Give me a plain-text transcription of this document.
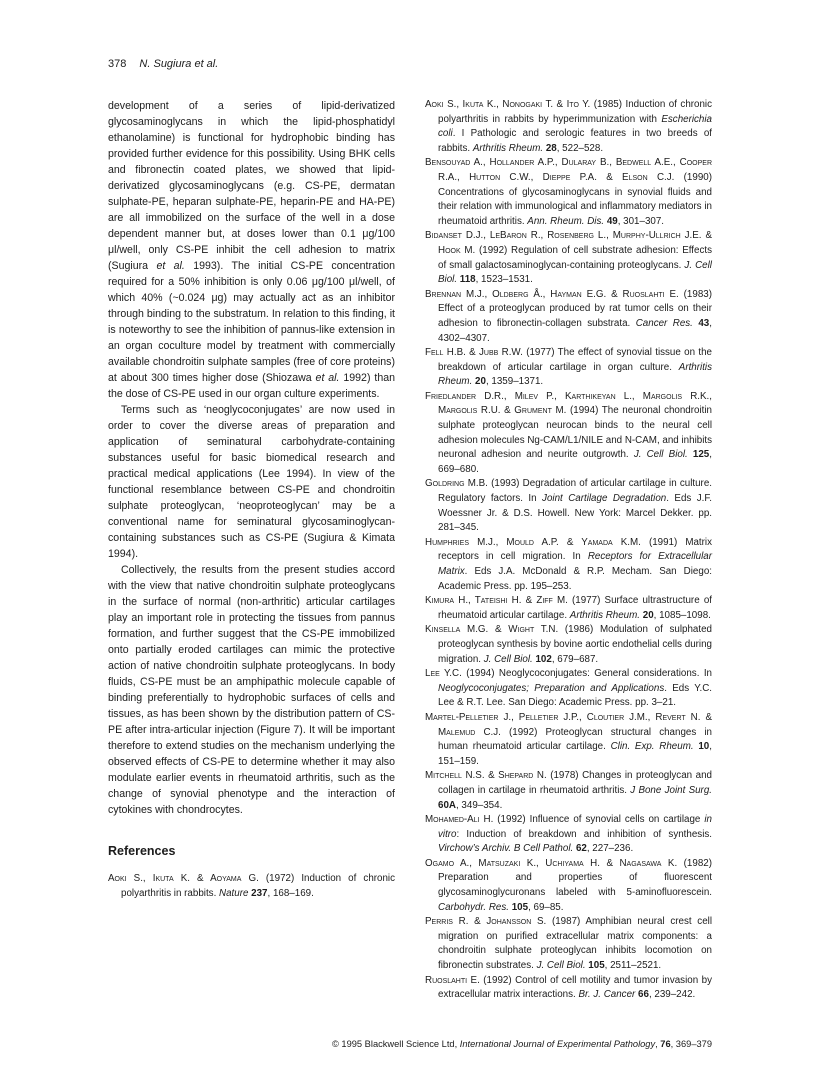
378 N. Sugiura et al.

development of a series of lipid-derivatized glycosaminoglycans in which the lipid-phosphatidyl ethanolamine) is functional for hydrophobic binding has provided further evidence for this possibility. Using BHK cells and fibronectin coated plates, we showed that lipid-derivatized glycosaminoglycans (e.g. CS-PE, dermatan sulphate-PE, heparan sulphate-PE, heparin-PE and HA-PE) are all immobilized on the surface of the well in a dose dependent manner but, at doses lower than 0.1 μg/100 μl/well, only CS-PE inhibit the cell adhesion to matrix (Sugiura et al. 1993). The initial CS-PE concentration required for a 50% inhibition is only 0.06 μg/100 μl/well, of which 40% (~0.024 μg) may actually act as an inhibitor through binding to the substratum. In relation to this finding, it is noteworthy to see the inhibition of pannus-like extension in an organ coculture model by treatment with commercially available chondroitin sulphate samples (free of core proteins) at about 300 times higher dose (Shiozawa et al. 1992) than the dose of CS-PE used in our organ culture experiments.

Terms such as ‘neoglycoconjugates’ are now used in order to cover the diverse areas of preparation and application of seminatural carbohydrate-containing substances useful for basic biomedical research and practical medical applications (Lee 1994). In view of the functional resemblance between CS-PE and chondroitin sulphate proteoglycan, ‘neoproteoglycan’ may be a conventional name for seminatural glycosaminoglycan-containing substances such as CS-PE (Sugiura & Kimata 1994).

Collectively, the results from the present studies accord with the view that native chondroitin sulphate proteoglycans in the surface of normal (non-arthritic) articular cartilages play an important role in protecting the tissues from pannus formation, and further suggest that the CS-PE immobilized onto partially eroded cartilages can mimic the protective action of native chondroitin sulphate proteoglycans. In body fluids, CS-PE must be an amphipathic molecule capable of binding preferentially to hydrophobic surfaces of cells and tissues, as has been shown by the distribution pattern of CS-PE after intra-articular injection (Figure 7). It will be important therefore to extend studies on the mechanism underlying the observed effects of CS-PE to determine whether it may also modulate earlier events in rheumatoid arthritis, such as the change of synovial phenotype and the interaction of cytokines with chondrocytes.

References

Aoki S., Ikuta K. & Aoyama G. (1972) Induction of chronic polyarthritis in rabbits. Nature 237, 168–169.

Aoki S., Ikuta K., Nonogaki T. & Ito Y. (1985) Induction of chronic polyarthritis in rabbits by hyperimmunization with Escherichia coli. I Pathologic and serologic features in two breeds of rabbits. Arthritis Rheum. 28, 522–528.

Bensouyad A., Hollander A.P., Dularay B., Bedwell A.E., Cooper R.A., Hutton C.W., Dieppe P.A. & Elson C.J. (1990) Concentrations of glycosaminoglycans in synovial fluids and their relation with immunological and inflammatory mediators in rheumatoid arthritis. Ann. Rheum. Dis. 49, 301–307.

Bidanset D.J., LeBaron R., Rosenberg L., Murphy-Ullrich J.E. & Hook M. (1992) Regulation of cell substrate adhesion: Effects of small galactosaminoglycan-containing proteoglycans. J. Cell Biol. 118, 1523–1531.

Brennan M.J., Oldberg Å., Hayman E.G. & Ruoslahti E. (1983) Effect of a proteoglycan produced by rat tumor cells on their adhesion to fibronectin-collagen substrata. Cancer Res. 43, 4302–4307.

Fell H.B. & Jubb R.W. (1977) The effect of synovial tissue on the breakdown of articular cartilage in organ culture. Arthritis Rheum. 20, 1359–1371.

Friedlander D.R., Milev P., Karthikeyan L., Margolis R.K., Margolis R.U. & Grument M. (1994) The neuronal chondroitin sulphate proteoglycan neurocan binds to the neural cell adhesion molecules Ng-CAM/L1/NILE and N-CAM, and inhibits neuronal adhesion and neurite outgrowth. J. Cell Biol. 125, 669–680.

Goldring M.B. (1993) Degradation of articular cartilage in culture. Regulatory factors. In Joint Cartilage Degradation. Eds J.F. Woessner Jr. & D.S. Howell. New York: Marcel Dekker. pp. 281–345.

Humphries M.J., Mould A.P. & Yamada K.M. (1991) Matrix receptors in cell migration. In Receptors for Extracellular Matrix. Eds J.A. McDonald & R.P. Mecham. San Diego: Academic Press. pp. 195–253.

Kimura H., Tateishi H. & Ziff M. (1977) Surface ultrastructure of rheumatoid articular cartilage. Arthritis Rheum. 20, 1085–1098.

Kinsella M.G. & Wight T.N. (1986) Modulation of sulphated proteoglycan synthesis by bovine aortic endothelial cells during migration. J. Cell Biol. 102, 679–687.

Lee Y.C. (1994) Neoglycoconjugates: General considerations. In Neoglycoconjugates; Preparation and Applications. Eds Y.C. Lee & R.T. Lee. San Diego: Academic Press. pp. 3–21.

Martel-Pelletier J., Pelletier J.P., Cloutier J.M., Revert N. & Malemud C.J. (1992) Proteoglycan structural changes in human rheumatoid articular cartilage. Clin. Exp. Rheum. 10, 151–159.

Mitchell N.S. & Shepard N. (1978) Changes in proteoglycan and collagen in cartilage in rheumatoid arthritis. J Bone Joint Surg. 60A, 349–354.

Mohamed-Ali H. (1992) Influence of synovial cells on cartilage in vitro: Induction of breakdown and inhibition of synthesis. Virchow’s Archiv. B Cell Pathol. 62, 227–236.

Ogamo A., Matsuzaki K., Uchiyama H. & Nagasawa K. (1982) Preparation and properties of fluorescent glycosaminoglycuronans labeled with 5-aminofluorescein. Carbohydr. Res. 105, 69–85.

Perris R. & Johansson S. (1987) Amphibian neural crest cell migration on purified extracellular matrix components: a chondroitin sulphate proteoglycan inhibits locomotion on fibronectin substrates. J. Cell Biol. 105, 2511–2521.

Ruoslahti E. (1992) Control of cell motility and tumor invasion by extracellular matrix interactions. Br. J. Cancer 66, 239–242.

© 1995 Blackwell Science Ltd, International Journal of Experimental Pathology, 76, 369–379
